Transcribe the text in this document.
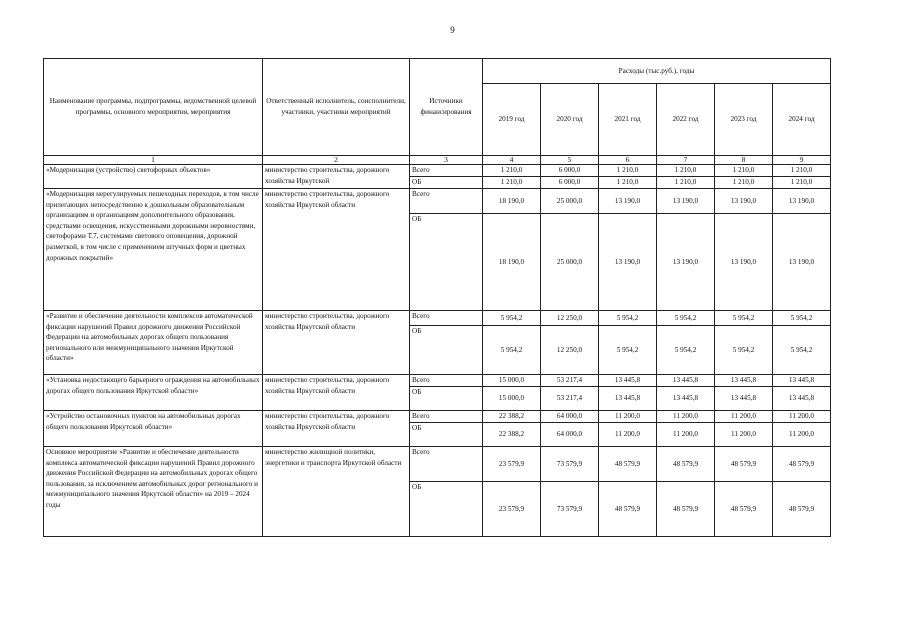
9
Наименование программы, подпрограммы, ведомственной целевой программы, основного мероприятия, мероприятия	Ответственный исполнитель, соисполнители, участники, участники мероприятий	Источники финансирования	Расходы (тыс.руб.), годы					
			2019 год	2020 год	2021 год	2022 год	2023 год	2024 год
1	2	3	4	5	6	7	8	9
«Модернизация (устройство) светофорных объектов»	министерство строительства, дорожного хозяйства Иркутской	Всего	1 210,0	6 000,0	1 210,0	1 210,0	1 210,0	1 210,0
		ОБ	1 210,0	6 000,0	1 210,0	1 210,0	1 210,0	1 210,0
«Модернизация нерегулируемых пешеходных переходов, в том числе прилегающих непосредственно к дошкольным образовательным организациям и организациям дополнительного образования, средствами освещения, искусственными дорожными неровностями, светофорами Т.7, системами светового оповещения, дорожной разметкой, в том числе с применением штучных форм и цветных дорожных покрытий»	министерство строительства, дорожного хозяйства Иркутской области	Всего	18 190,0	25 000,0	13 190,0	13 190,0	13 190,0	13 190,0
		ОБ	18 190,0	25 000,0	13 190,0	13 190,0	13 190,0	13 190,0
«Развитие и обеспечение деятельности комплексов автоматической фиксации нарушений Правил дорожного движения Российской Федерации на автомобильных дорогах общего пользования регионального или межмуниципального значения Иркутской области»	министерство строительства, дорожного хозяйства Иркутской области	Всего	5 954,2	12 250,0	5 954,2	5 954,2	5 954,2	5 954,2
		ОБ	5 954,2	12 250,0	5 954,2	5 954,2	5 954,2	5 954,2
«Установка недостающего барьерного ограждения на автомобильных дорогах общего пользования Иркутской области»	министерство строительства, дорожного хозяйства Иркутской области	Всего	15 000,0	53 217,4	13 445,8	13 445,8	13 445,8	13 445,8
		ОБ	15 000,0	53 217,4	13 445,8	13 445,8	13 445,8	13 445,8
«Устройство остановочных пунктов на автомобильных дорогах общего пользования Иркутской области»	министерство строительства, дорожного хозяйства Иркутской области	Всего	22 388,2	64 000,0	11 200,0	11 200,0	11 200,0	11 200,0
		ОБ	22 388,2	64 000,0	11 200,0	11 200,0	11 200,0	11 200,0
Основное мероприятие «Развитие и обеспечение деятельности комплекса автоматической фиксации нарушений Правил дорожного движения Российской Федерации на автомобильных дорогах общего пользования, за исключением автомобильных дорог регионального и межмуниципального значения Иркутской области» на 2019 – 2024 годы	министерство жилищной политики, энергетики и транспорта Иркутской области	Всего	23 579,9	73 579,9	48 579,9	48 579,9	48 579,9	48 579,9
		ОБ	23 579,9	73 579,9	48 579,9	48 579,9	48 579,9	48 579,9
